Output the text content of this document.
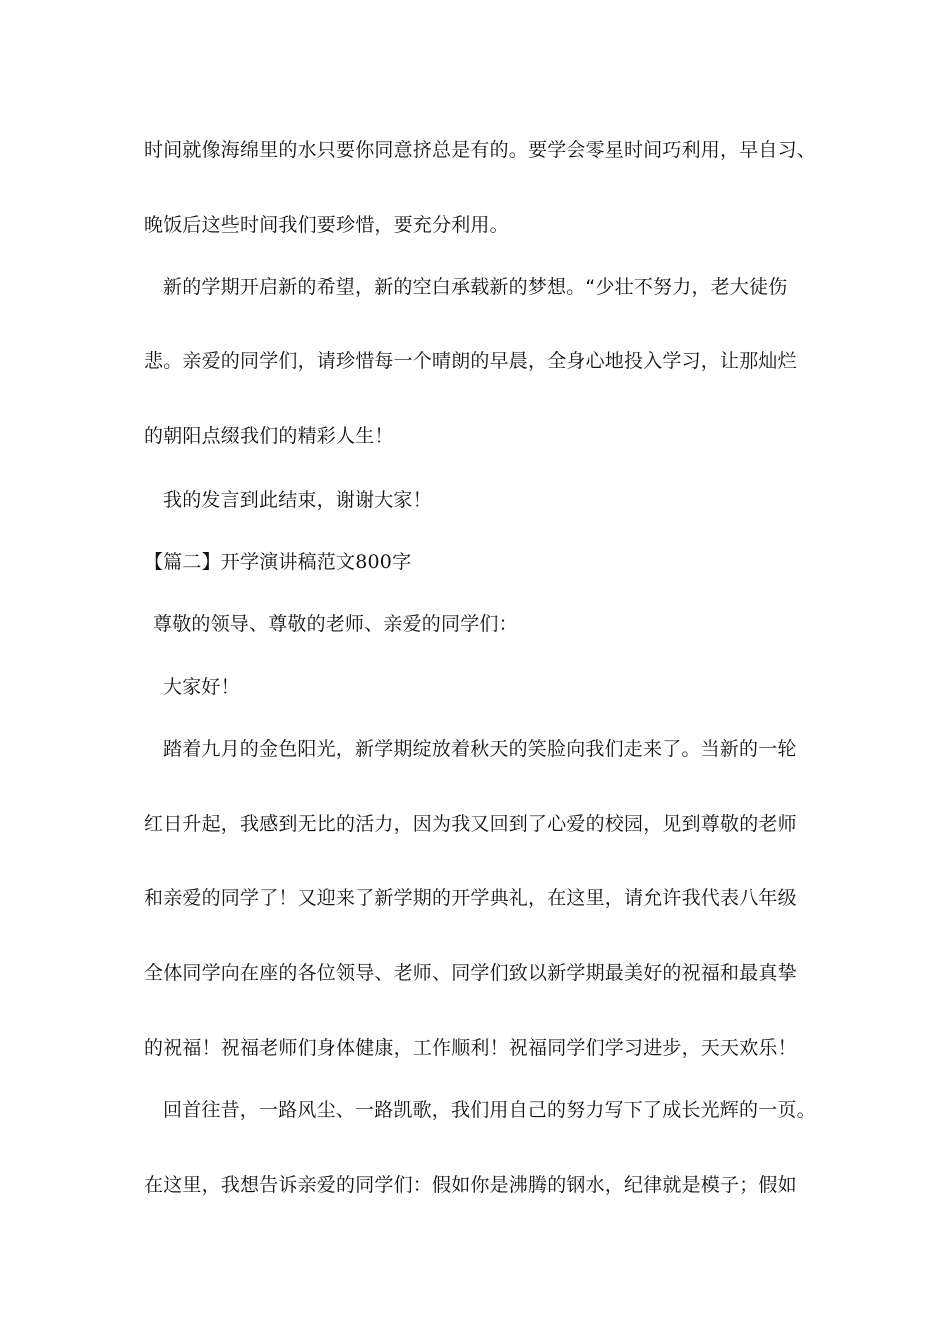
时间就像海绵里的水只要你同意挤总是有的。要学会零星时间巧利用，早自习、
晚饭后这些时间我们要珍惜，要充分利用。
新的学期开启新的希望，新的空白承载新的梦想。“少壮不努力，老大徒伤
悲。亲爱的同学们，请珍惜每一个晴朗的早晨，全身心地投入学习，让那灿烂
的朝阳点缀我们的精彩人生！
我的发言到此结束，谢谢大家！
【篇二】开学演讲稿范文800字
尊敬的领导、尊敬的老师、亲爱的同学们：
大家好！
踏着九月的金色阳光，新学期绽放着秋天的笑脸向我们走来了。当新的一轮
红日升起，我感到无比的活力，因为我又回到了心爱的校园，见到尊敬的老师
和亲爱的同学了！又迎来了新学期的开学典礼，在这里，请允许我代表八年级
全体同学向在座的各位领导、老师、同学们致以新学期最美好的祝福和最真挚
的祝福！祝福老师们身体健康，工作顺利！祝福同学们学习进步，天天欢乐！
回首往昔，一路风尘、一路凯歌，我们用自己的努力写下了成长光辉的一页。
在这里，我想告诉亲爱的同学们：假如你是沸腾的钢水，纪律就是模子；假如
